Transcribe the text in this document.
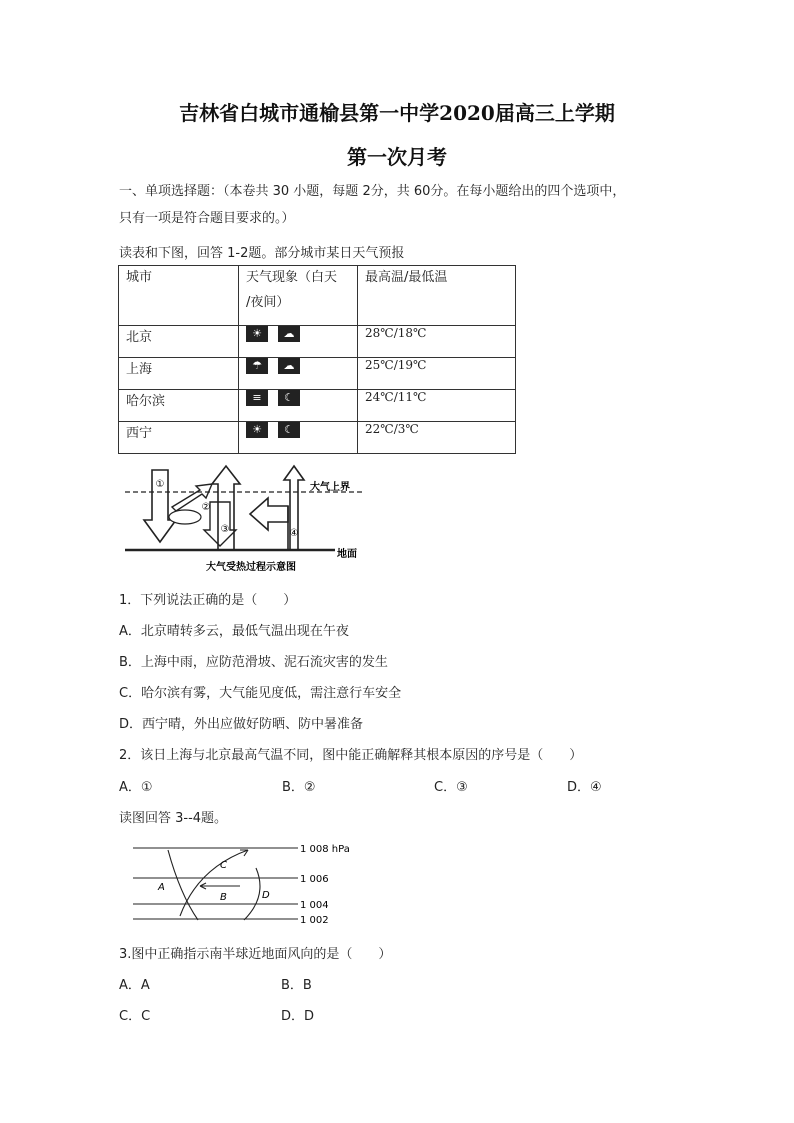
吉林省白城市通榆县第一中学2020届高三上学期
第一次月考
一、单项选择题：（本卷共 30 小题，每题 2分，共 60分。在每小题给出的四个选项中，
只有一项是符合题目要求的。）
读表和下图，回答 1-2题。部分城市某日天气预报
城市	天气现象（白天
/夜间）	最高温/最低温
北京	☀ ☁	28℃/18℃
上海	☂ ☁	25℃/19℃
哈尔滨	≡ ☾	24℃/11℃
西宁	☀ ☾	22℃/3℃
①
②
③	④
大气上界
地面
大气受热过程示意图
1．下列说法正确的是（　　）
A．北京晴转多云，最低气温出现在午夜
B．上海中雨，应防范滑坡、泥石流灾害的发生
C．哈尔滨有雾，大气能见度低，需注意行车安全
D．西宁晴，外出应做好防晒、防中暑准备
2．该日上海与北京最高气温不同，图中能正确解释其根本原因的序号是（　　）
A．①	B．②	C．③	D．④
读图回答 3--4题。
1 008 hPa
1 006
1 004
1 002
A
B
C
D
3.图中正确指示南半球近地面风向的是（　　）
A．A	B．B
C．C	D．D
